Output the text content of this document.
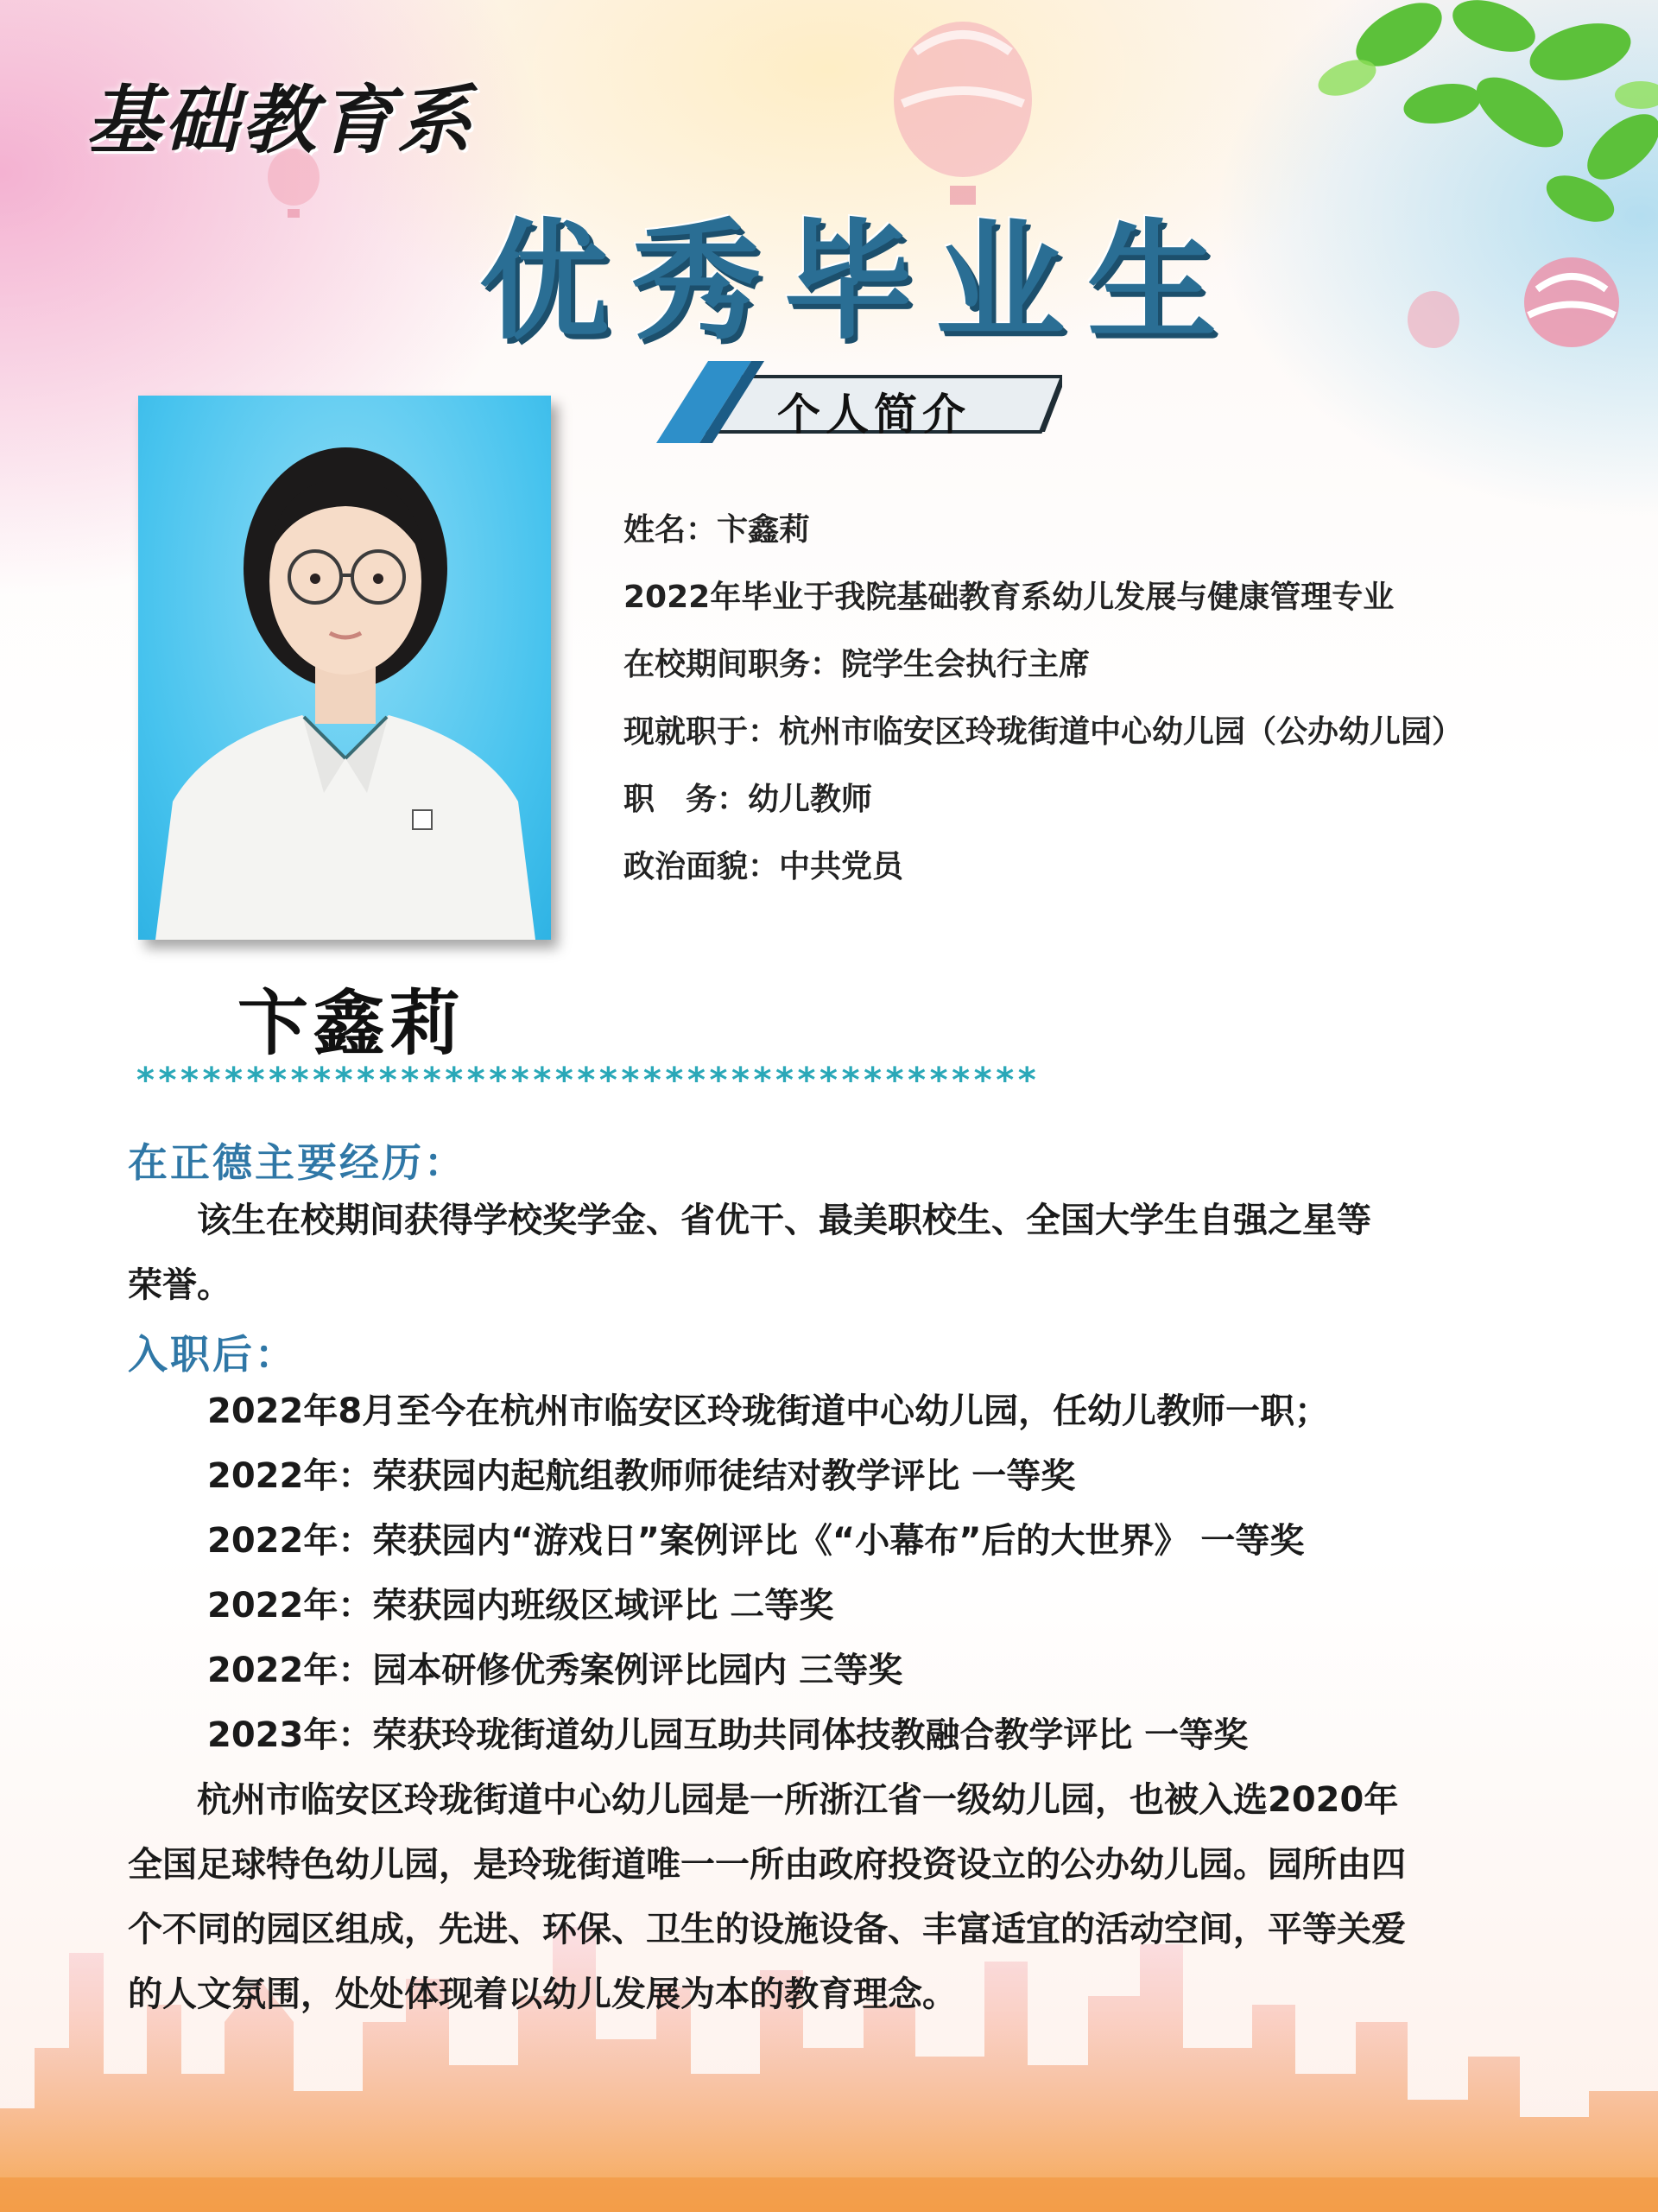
基础教育系
优秀毕业生
个人简介
卞鑫莉
姓名：卞鑫莉
2022年毕业于我院基础教育系幼儿发展与健康管理专业
在校期间职务：院学生会执行主席
现就职于：杭州市临安区玲珑街道中心幼儿园（公办幼儿园）
职　务：幼儿教师
政治面貌：中共党员
*****************************************
在正德主要经历：
　　该生在校期间获得学校奖学金、省优干、最美职校生、全国大学生自强之星等
荣誉。
入职后：
2022年8月至今在杭州市临安区玲珑街道中心幼儿园，任幼儿教师一职；
2022年：荣获园内起航组教师师徒结对教学评比 一等奖
2022年：荣获园内“游戏日”案例评比《“小幕布”后的大世界》 一等奖
2022年：荣获园内班级区域评比 二等奖
2022年：园本研修优秀案例评比园内 三等奖
2023年：荣获玲珑街道幼儿园互助共同体技教融合教学评比 一等奖
　　杭州市临安区玲珑街道中心幼儿园是一所浙江省一级幼儿园，也被入选2020年
全国足球特色幼儿园，是玲珑街道唯一一所由政府投资设立的公办幼儿园。园所由四
个不同的园区组成，先进、环保、卫生的设施设备、丰富适宜的活动空间，平等关爱
的人文氛围，处处体现着以幼儿发展为本的教育理念。
